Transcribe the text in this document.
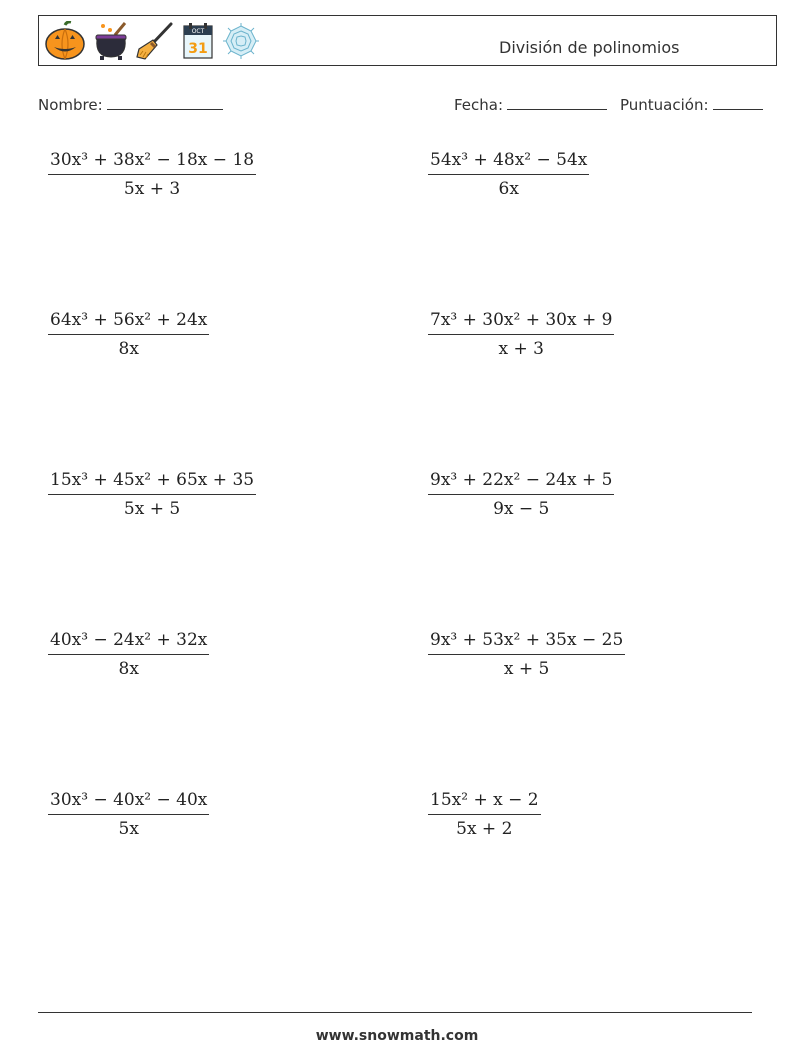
OCT
31	División de polinomios
Nombre:	Fecha:	Puntuación:
$\frac{\text{30x³ + 38x² − 18x − 18}}{5x + 3}$	$\frac{\text{54x³ + 48x² − 54x}}{6x}$
$\frac{\text{64x³ + 56x² + 24x}}{8x}$	$\frac{\text{7x³ + 30x² + 30x + 9}}{x + 3}$
$\frac{\text{15x³ + 45x² + 65x + 35}}{5x + 5}$	$\frac{\text{9x³ + 22x² − 24x + 5}}{9x - 5}$
$\frac{\text{40x³ − 24x² + 32x}}{8x}$	$\frac{\text{9x³ + 53x² + 35x − 25}}{x + 5}$
$\frac{\text{30x³ − 40x² − 40x}}{5x}$	$\frac{\text{15x² + x − 2}}{5x + 2}$
www.snowmath.com
